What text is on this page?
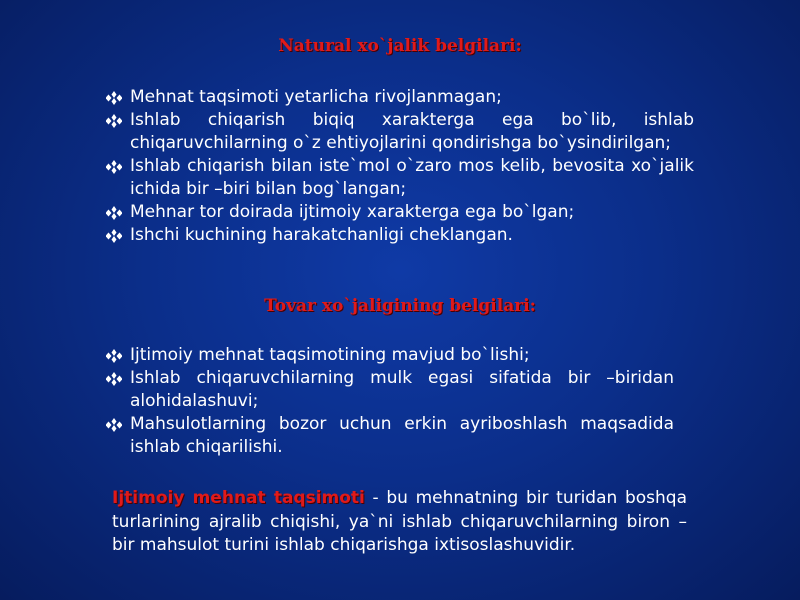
Natural xo`jalik belgilari:
Mehnat taqsimoti yetarlicha rivojlanmagan;
Ishlab chiqarish biqiq xarakterga ega bo`lib, ishlab chiqaruvchilarning o`z ehtiyojlarini qondirishga bo`ysindirilgan;
Ishlab chiqarish bilan iste`mol o`zaro mos kelib, bevosita xo`jalik ichida bir –biri bilan bog`langan;
Mehnar tor doirada ijtimoiy xarakterga ega bo`lgan;
Ishchi kuchining harakatchanligi cheklangan.
Tovar xo`jaligining belgilari:
Ijtimoiy mehnat taqsimotining mavjud bo`lishi;
Ishlab chiqaruvchilarning mulk egasi sifatida bir –biridan alohidalashuvi;
Mahsulotlarning bozor uchun erkin ayriboshlash maqsadida ishlab chiqarilishi.

Ijtimoiy mehnat taqsimoti - bu mehnatning bir turidan boshqa turlarining ajralib chiqishi, ya`ni ishlab chiqaruvchilarning biron – bir mahsulot turini ishlab chiqarishga ixtisoslashuvidir.
